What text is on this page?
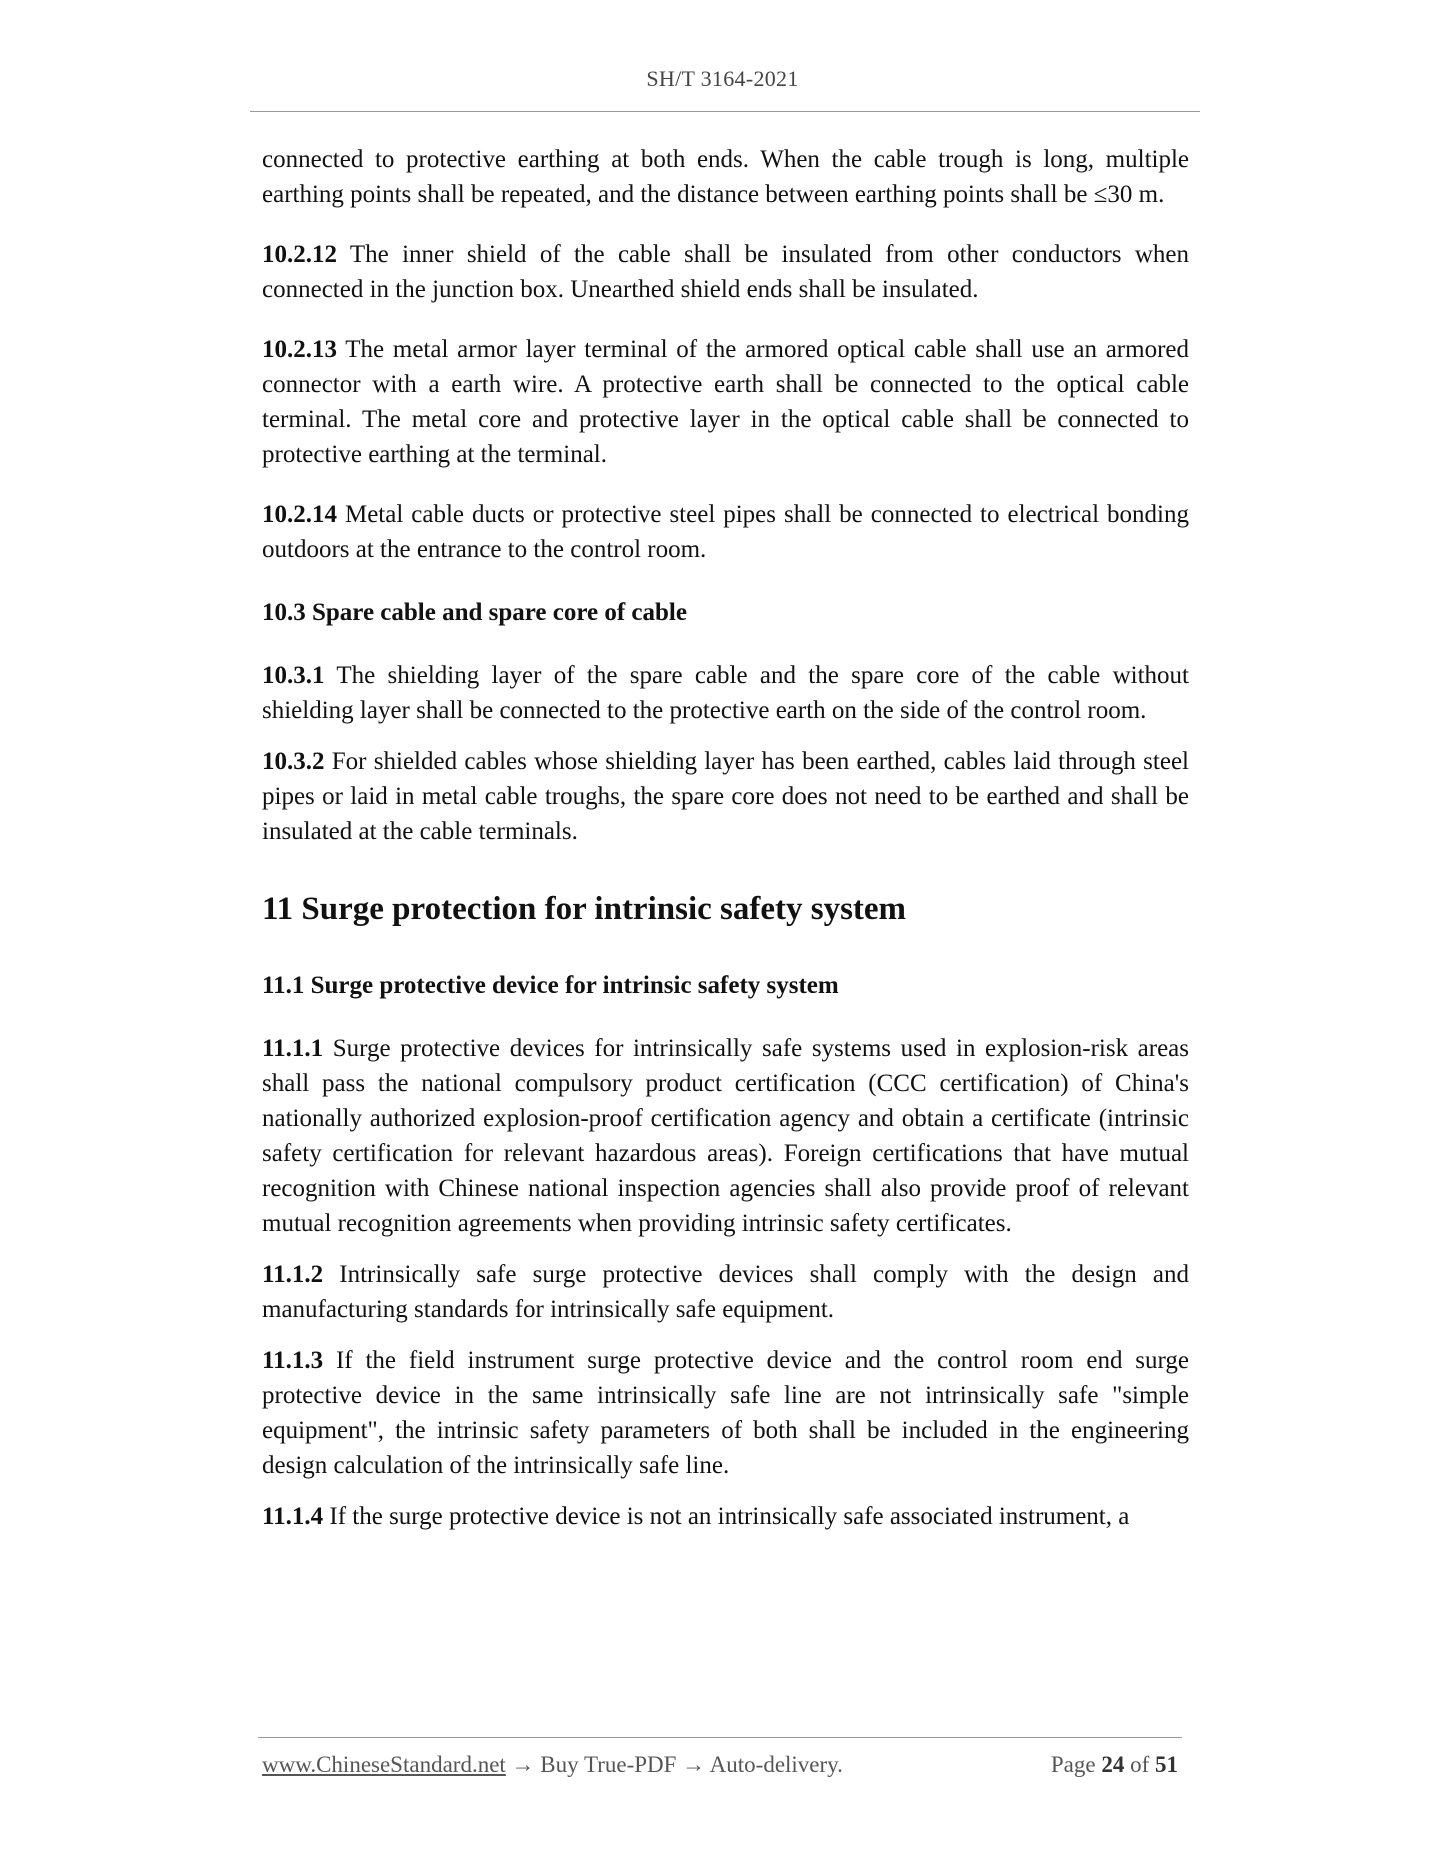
SH/T 3164-2021

connected to protective earthing at both ends. When the cable trough is long, multiple earthing points shall be repeated, and the distance between earthing points shall be ≤30 m.

10.2.12 The inner shield of the cable shall be insulated from other conductors when connected in the junction box. Unearthed shield ends shall be insulated.

10.2.13 The metal armor layer terminal of the armored optical cable shall use an armored connector with a earth wire. A protective earth shall be connected to the optical cable terminal. The metal core and protective layer in the optical cable shall be connected to protective earthing at the terminal.

10.2.14 Metal cable ducts or protective steel pipes shall be connected to electrical bonding outdoors at the entrance to the control room.

10.3 Spare cable and spare core of cable

10.3.1 The shielding layer of the spare cable and the spare core of the cable without shielding layer shall be connected to the protective earth on the side of the control room.

10.3.2 For shielded cables whose shielding layer has been earthed, cables laid through steel pipes or laid in metal cable troughs, the spare core does not need to be earthed and shall be insulated at the cable terminals.

11 Surge protection for intrinsic safety system
11.1 Surge protective device for intrinsic safety system

11.1.1 Surge protective devices for intrinsically safe systems used in explosion-risk areas shall pass the national compulsory product certification (CCC certification) of China's nationally authorized explosion-proof certification agency and obtain a certificate (intrinsic safety certification for relevant hazardous areas). Foreign certifications that have mutual recognition with Chinese national inspection agencies shall also provide proof of relevant mutual recognition agreements when providing intrinsic safety certificates.

11.1.2 Intrinsically safe surge protective devices shall comply with the design and manufacturing standards for intrinsically safe equipment.

11.1.3 If the field instrument surge protective device and the control room end surge protective device in the same intrinsically safe line are not intrinsically safe "simple equipment", the intrinsic safety parameters of both shall be included in the engineering design calculation of the intrinsically safe line.

11.1.4 If the surge protective device is not an intrinsically safe associated instrument, a

www.ChineseStandard.net → Buy True-PDF → Auto-delivery.	Page 24 of 51
